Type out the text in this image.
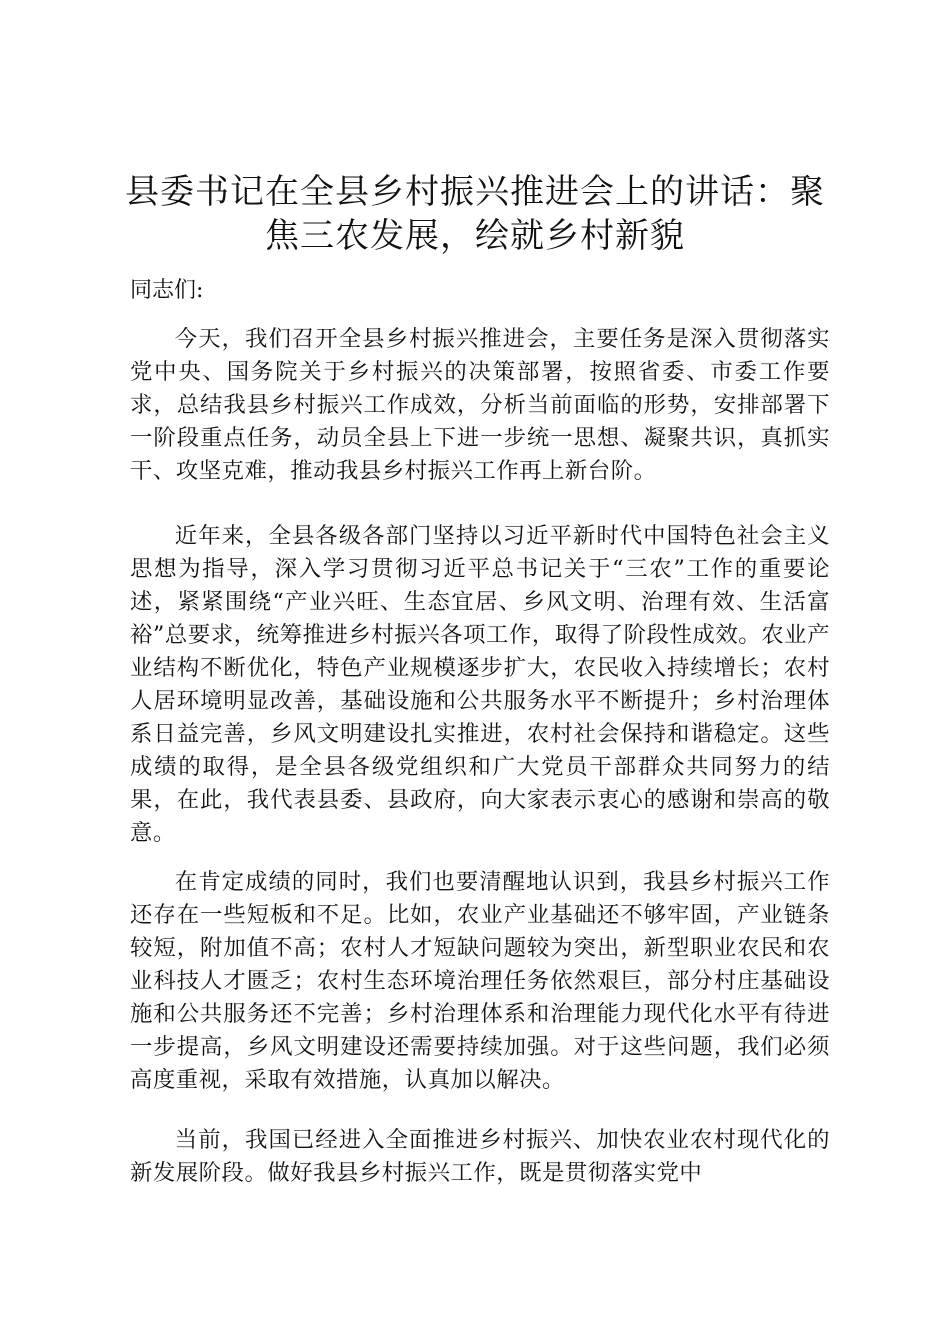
县委书记在全县乡村振兴推进会上的讲话：聚焦三农发展，绘就乡村新貌

同志们:

今天，我们召开全县乡村振兴推进会，主要任务是深入贯彻落实党中央、国务院关于乡村振兴的决策部署，按照省委、市委工作要求，总结我县乡村振兴工作成效，分析当前面临的形势，安排部署下一阶段重点任务，动员全县上下进一步统一思想、凝聚共识，真抓实干、攻坚克难，推动我县乡村振兴工作再上新台阶。

近年来，全县各级各部门坚持以习近平新时代中国特色社会主义思想为指导，深入学习贯彻习近平总书记关于“三农”工作的重要论述，紧紧围绕“产业兴旺、生态宜居、乡风文明、治理有效、生活富裕”总要求，统筹推进乡村振兴各项工作，取得了阶段性成效。农业产业结构不断优化，特色产业规模逐步扩大，农民收入持续增长；农村人居环境明显改善，基础设施和公共服务水平不断提升；乡村治理体系日益完善，乡风文明建设扎实推进，农村社会保持和谐稳定。这些成绩的取得，是全县各级党组织和广大党员干部群众共同努力的结果，在此，我代表县委、县政府，向大家表示衷心的感谢和崇高的敬意。

在肯定成绩的同时，我们也要清醒地认识到，我县乡村振兴工作还存在一些短板和不足。比如，农业产业基础还不够牢固，产业链条较短，附加值不高；农村人才短缺问题较为突出，新型职业农民和农业科技人才匮乏；农村生态环境治理任务依然艰巨，部分村庄基础设施和公共服务还不完善；乡村治理体系和治理能力现代化水平有待进一步提高，乡风文明建设还需要持续加强。对于这些问题，我们必须高度重视，采取有效措施，认真加以解决。

当前，我国已经进入全面推进乡村振兴、加快农业农村现代化的新发展阶段。做好我县乡村振兴工作，既是贯彻落实党中
